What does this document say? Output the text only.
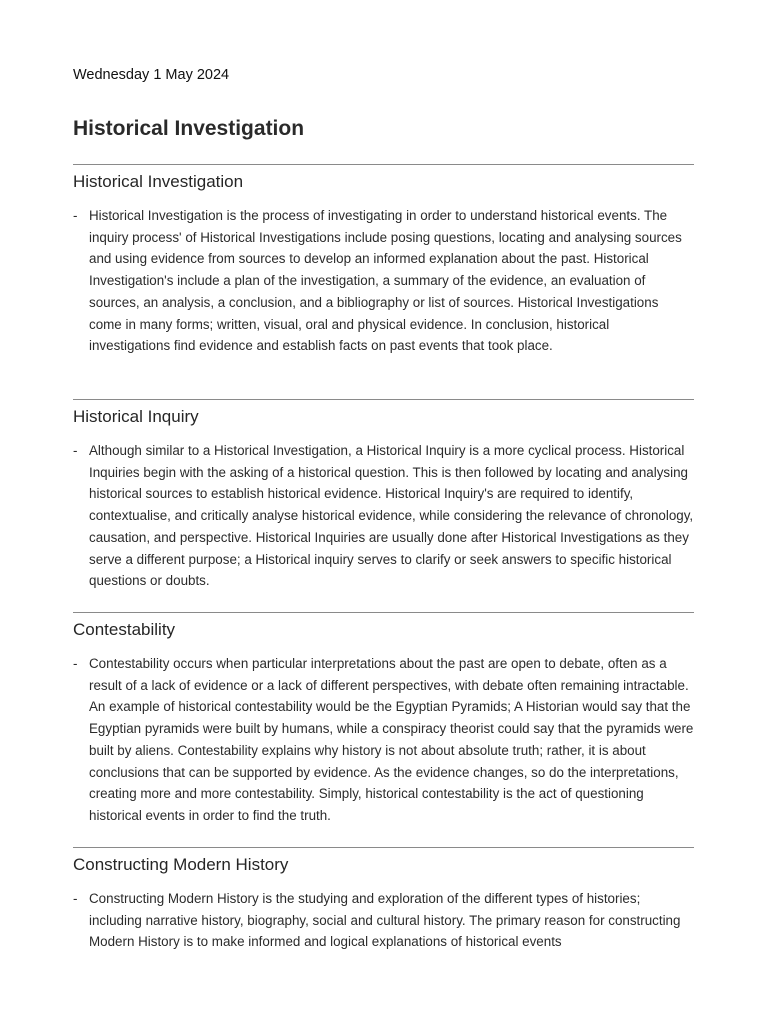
Wednesday 1 May 2024
Historical Investigation
Historical Investigation
- Historical Investigation is the process of investigating in order to understand historical events. The inquiry process' of Historical Investigations include posing questions, locating and analysing sources and using evidence from sources to develop an informed explanation about the past. Historical Investigation's include a plan of the investigation, a summary of the evidence, an evaluation of sources, an analysis, a conclusion, and a bibliography or list of sources. Historical Investigations come in many forms; written, visual, oral and physical evidence. In conclusion, historical investigations find evidence and establish facts on past events that took place.
Historical Inquiry
- Although similar to a Historical Investigation, a Historical Inquiry is a more cyclical process. Historical Inquiries begin with the asking of a historical question. This is then followed by locating and analysing historical sources to establish historical evidence. Historical Inquiry's are required to identify, contextualise, and critically analyse historical evidence, while considering the relevance of chronology, causation, and perspective. Historical Inquiries are usually done after Historical Investigations as they serve a different purpose; a Historical inquiry serves to clarify or seek answers to specific historical questions or doubts.
Contestability
- Contestability occurs when particular interpretations about the past are open to debate, often as a result of a lack of evidence or a lack of different perspectives, with debate often remaining intractable. An example of historical contestability would be the Egyptian Pyramids; A Historian would say that the Egyptian pyramids were built by humans, while a conspiracy theorist could say that the pyramids were built by aliens. Contestability explains why history is not about absolute truth; rather, it is about conclusions that can be supported by evidence. As the evidence changes, so do the interpretations, creating more and more contestability. Simply, historical contestability is the act of questioning historical events in order to find the truth.
Constructing Modern History
- Constructing Modern History is the studying and exploration of the different types of histories; including narrative history, biography, social and cultural history. The primary reason for constructing Modern History is to make informed and logical explanations of historical events
